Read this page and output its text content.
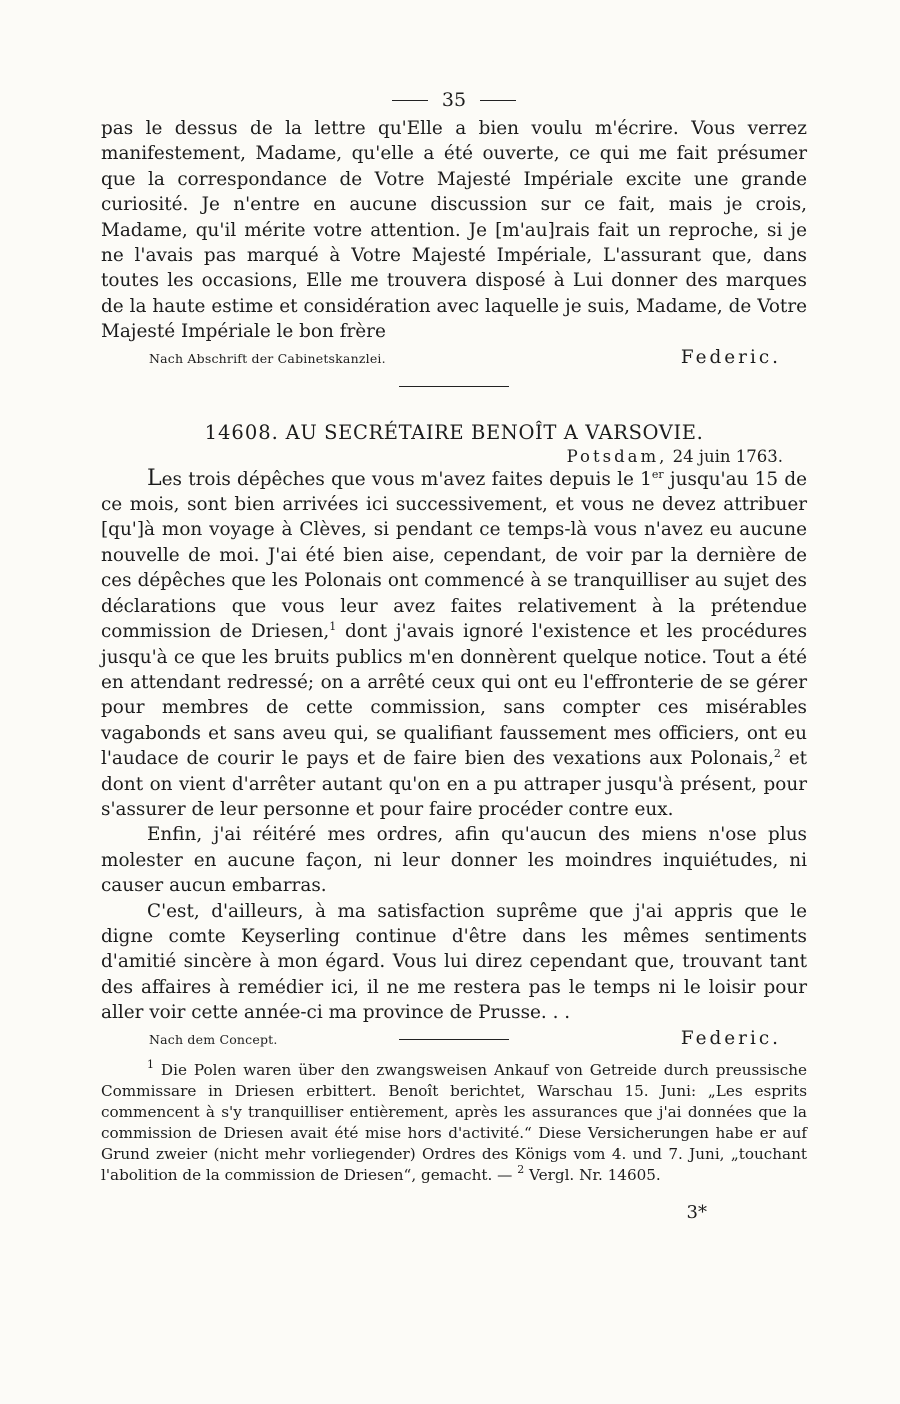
35

pas le dessus de la lettre qu'Elle a bien voulu m'écrire. Vous verrez manifestement, Madame, qu'elle a été ouverte, ce qui me fait présumer que la correspondance de Votre Majesté Impériale excite une grande curiosité. Je n'entre en aucune discussion sur ce fait, mais je crois, Madame, qu'il mérite votre attention. Je [m'au]rais fait un reproche, si je ne l'avais pas marqué à Votre Majesté Impériale, L'assurant que, dans toutes les occasions, Elle me trouvera disposé à Lui donner des marques de la haute estime et considération avec laquelle je suis, Madame, de Votre Majesté Impériale le bon frère

Nach Abschrift der Cabinetskanzlei.	Federic.
14608. AU SECRÉTAIRE BENOÎT A VARSOVIE.
Potsdam, 24 juin 1763.

Les trois dépêches que vous m'avez faites depuis le 1er jusqu'au 15 de ce mois, sont bien arrivées ici successivement, et vous ne devez attribuer [qu']à mon voyage à Clèves, si pendant ce temps-là vous n'avez eu aucune nouvelle de moi. J'ai été bien aise, cependant, de voir par la dernière de ces dépêches que les Polonais ont commencé à se tranquilliser au sujet des déclarations que vous leur avez faites relativement à la prétendue commission de Driesen,$^1$ dont j'avais ignoré l'existence et les procédures jusqu'à ce que les bruits publics m'en donnèrent quelque notice. Tout a été en attendant redressé; on a arrêté ceux qui ont eu l'effronterie de se gérer pour membres de cette commission, sans compter ces misérables vagabonds et sans aveu qui, se qualifiant faussement mes officiers, ont eu l'audace de courir le pays et de faire bien des vexations aux Polonais,$^2$ et dont on vient d'arrêter autant qu'on en a pu attraper jusqu'à présent, pour s'assurer de leur personne et pour faire procéder contre eux.

Enfin, j'ai réitéré mes ordres, afin qu'aucun des miens n'ose plus molester en aucune façon, ni leur donner les moindres inquiétudes, ni causer aucun embarras.

C'est, d'ailleurs, à ma satisfaction suprême que j'ai appris que le digne comte Keyserling continue d'être dans les mêmes sentiments d'amitié sincère à mon égard. Vous lui direz cependant que, trouvant tant des affaires à remédier ici, il ne me restera pas le temps ni le loisir pour aller voir cette année-ci ma province de Prusse. . .

Nach dem Concept.	Federic.

$^1$ Die Polen waren über den zwangsweisen Ankauf von Getreide durch preussische Commissare in Driesen erbittert. Benoît berichtet, Warschau 15. Juni: „Les esprits commencent à s'y tranquilliser entièrement, après les assurances que j'ai données que la commission de Driesen avait été mise hors d'activité.“ Diese Versicherungen habe er auf Grund zweier (nicht mehr vorliegender) Ordres des Königs vom 4. und 7. Juni, „touchant l'abolition de la commission de Driesen“, gemacht. — $^2$ Vergl. Nr. 14605.

3*
